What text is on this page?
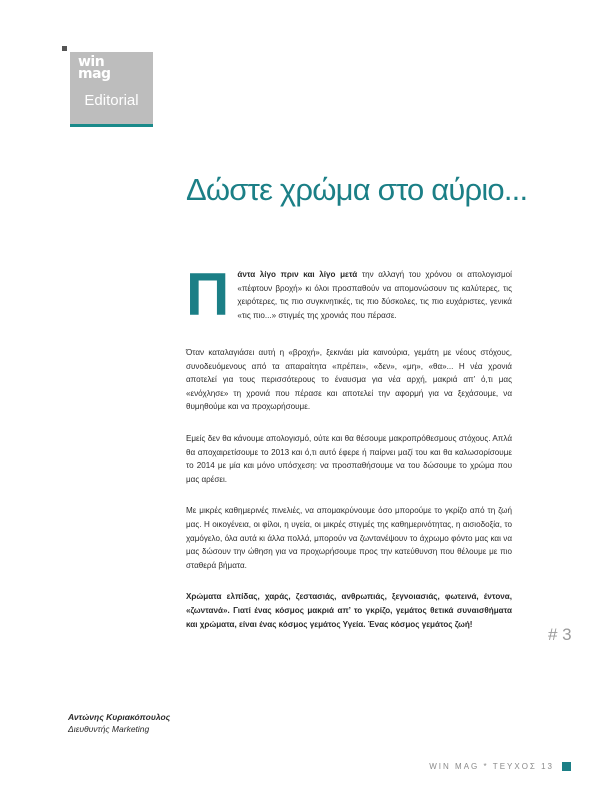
win
mag
Editorial
Δώστε χρώμα στο αύριο...
Π άντα λίγο πριν και λίγο μετά την αλλαγή του χρόνου οι απολογισμοί «πέφτουν βροχή» κι όλοι προσπαθούν να απομονώσουν τις καλύτερες, τις χειρότερες, τις πιο συγκινητικές, τις πιο δύσκολες, τις πιο ευχάριστες, γενικά «τις πιο...» στιγμές της χρονιάς που πέρασε.

Όταν καταλαγιάσει αυτή η «βροχή», ξεκινάει μία καινούρια, γεμάτη με νέους στόχους, συνοδευόμενους από τα απαραίτητα «πρέπει», «δεν», «μη», «θα»... Η νέα χρονιά αποτελεί για τους περισσότερους το έναυσμα για νέα αρχή, μακριά απ’ ό,τι μας «ενόχλησε» τη χρονιά που πέρασε και αποτελεί την αφορμή για να ξεχάσουμε, να θυμηθούμε και να προχωρήσουμε.

Εμείς δεν θα κάνουμε απολογισμό, ούτε και θα θέσουμε μακροπρόθεσμους στόχους. Απλά θα αποχαιρετίσουμε το 2013 και ό,τι αυτό έφερε ή παίρνει μαζί του και θα καλωσορίσουμε το 2014 με μία και μόνο υπόσχεση: να προσπαθήσουμε να του δώσουμε το χρώμα που μας αρέσει.

Με μικρές καθημερινές πινελιές, να απομακρύνουμε όσο μπορούμε το γκρίζο από τη ζωή μας. Η οικογένεια, οι φίλοι, η υγεία, οι μικρές στιγμές της καθημερινότητας, η αισιοδοξία, το χαμόγελο, όλα αυτά κι άλλα πολλά, μπορούν να ζωντανέψουν το άχρωμο φόντο μας και να μας δώσουν την ώθηση για να προχωρήσουμε προς την κατεύθυνση που θέλουμε με πιο σταθερά βήματα.

Χρώματα ελπίδας, χαράς, ζεστασιάς, ανθρωπιάς, ξεγνοιασιάς, φωτεινά, έντονα, «ζωντανά». Γιατί ένας κόσμος μακριά απ’ το γκρίζο, γεμάτος θετικά συναισθήματα και χρώματα, είναι ένας κόσμος γεμάτος Υγεία. Ένας κόσμος γεμάτος ζωή!

# 3
Αντώνης Κυριακόπουλος
Διευθυντής Marketing
WIN MAG * ΤΕΥΧΟΣ 13
